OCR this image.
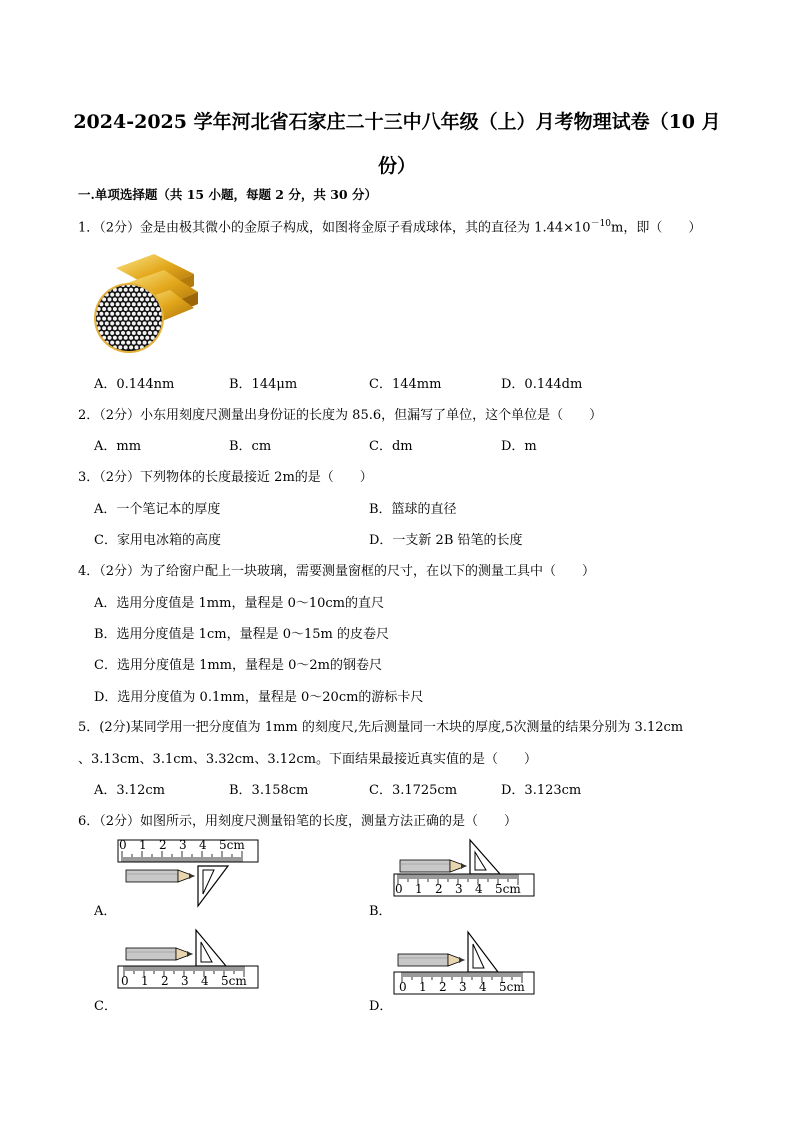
2024-2025 学年河北省石家庄二十三中八年级（上）月考物理试卷（10 月
份）
一.单项选择题（共 15 小题，每题 2 分，共 30 分）
1．（2分）金是由极其微小的金原子构成，如图将金原子看成球体，其的直径为 $1.44\times 10^{-10}m$，即（　　）
A．0.144nm	B．144μm	C．144mm	D．0.144dm
2．（2分）小东用刻度尺测量出身份证的长度为 85.6，但漏写了单位，这个单位是（　　）
A．mm	B．cm	C．dm	D．m
3．（2分）下列物体的长度最接近 2m的是（　　）
A．一个笔记本的厚度	B．篮球的直径
C．家用电冰箱的高度	D．一支新 2B 铅笔的长度
4．（2分）为了给窗户配上一块玻璃，需要测量窗框的尺寸，在以下的测量工具中（　　）
A．选用分度值是 1mm，量程是 0～10cm的直尺
B．选用分度值是 1cm，量程是 0～15m 的皮卷尺
C．选用分度值是 1mm，量程是 0～2m的钢卷尺
D．选用分度值为 0.1mm，量程是 0～20cm的游标卡尺
5．(2分)某同学用一把分度值为 1mm 的刻度尺,先后测量同一木块的厚度,5次测量的结果分别为 3.12cm
、3.13cm、3.1cm、3.32cm、3.12cm。下面结果最接近真实值的是（　　）
A．3.12cm	B．3.158cm	C．3.1725cm	D．3.123cm
6．（2分）如图所示，用刻度尺测量铅笔的长度，测量方法正确的是（　　）
A．	B．
C．	D．
0 1 2 3 4 5cm
0 1 2 3 4 5cm
0 1 2 3 4 5cm	0 1 2 3 4 5cm
